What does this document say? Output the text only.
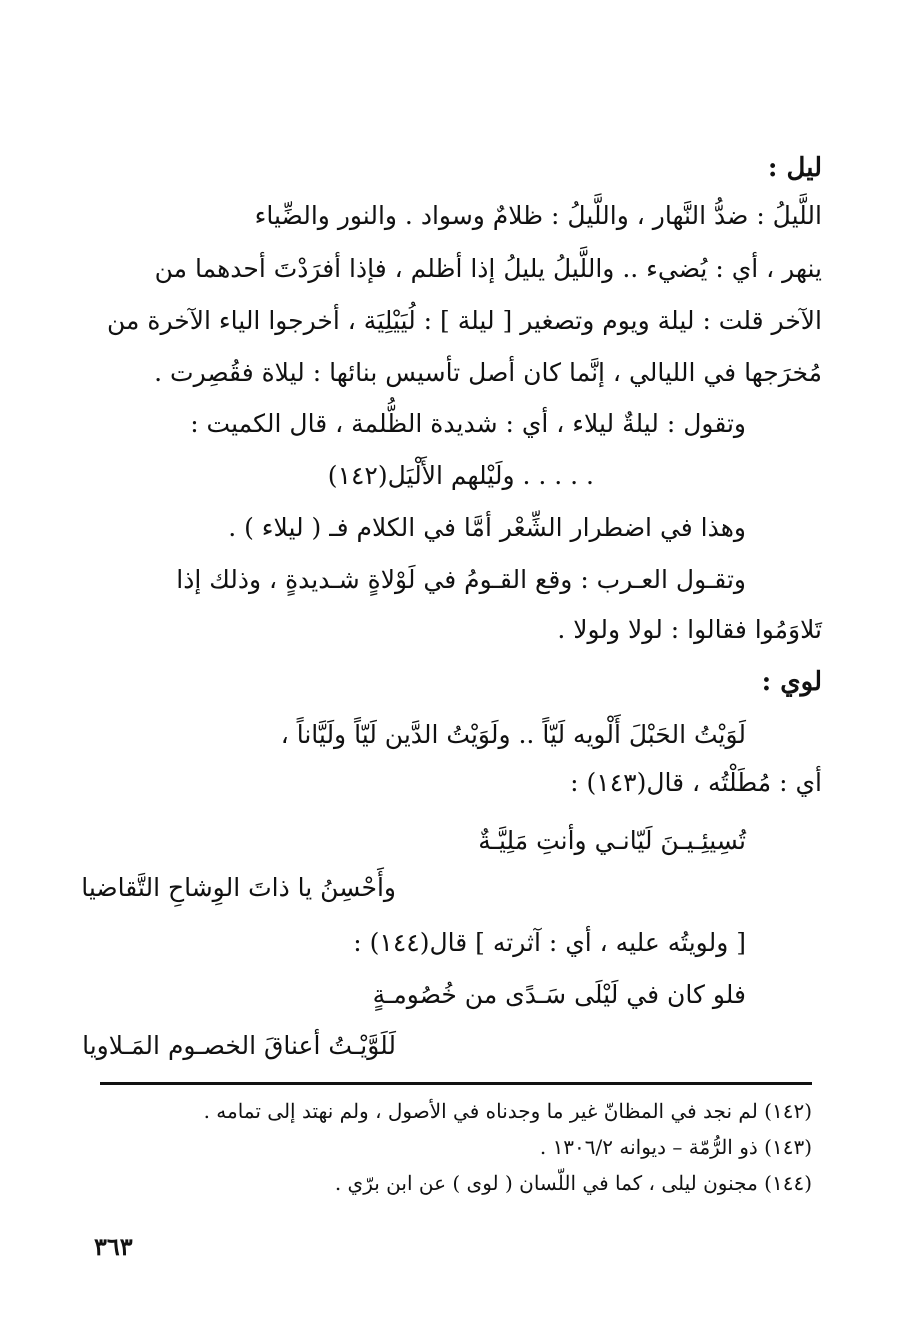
ليل :
اللَّيلُ : ضدُّ النَّهار ، واللَّيلُ : ظلامٌ وسواد . والنور والضِّياء
ينهر ، أي : يُضيء .. واللَّيلُ يليلُ إذا أظلم ، فإذا أفرَدْتَ أحدهما من
الآخر قلت : ليلة ويوم وتصغير [ ليلة ] : لُيَيْلِيَة ، أخرجوا الياء الآخرة من
مُخرَجها في الليالي ، إنَّما كان أصل تأسيس بنائها : ليلاة فقُصِرت .
وتقول : ليلةٌ ليلاء ، أي : شديدة الظُّلمة ، قال الكميت :
. . . . . ولَيْلهم الأَلْيَل(١٤٢)
وهذا في اضطرار الشِّعْر أمَّا في الكلام فـ ( ليلاء ) .
وتقـول العـرب : وقع القـومُ في لَوْلاةٍ شـديدةٍ ، وذلك إذا
تَلاوَمُوا فقالوا : لولا ولولا .
لوي :
لَوَيْتُ الحَبْلَ أَلْويه لَيّاً .. ولَوَيْتُ الدَّين لَيّاً ولَيَّاناً ،
أي : مُطَلْتُه ، قال(١٤٣) :
تُسِيئِـيـنَ لَيّانـي وأنتِ مَلِيَّـةٌ
وأَحْسِنُ يا ذاتَ الوِشاحِ التَّقاضيا
[ ولويتُه عليه ، أي : آثرته ] قال(١٤٤) :
فلو كان في لَيْلَى سَـدًى من خُصُومـةٍ
لَلَوَّيْـتُ أعناقَ الخصـوم المَـلاويا
(١٤٢) لم نجد في المظانّ غير ما وجدناه في الأصول ، ولم نهتد إلى تمامه .
(١٤٣) ذو الرُّمّة – ديوانه ١٣٠٦/٢ .
(١٤٤) مجنون ليلى ، كما في اللّسان ( لوى ) عن ابن برّي .
٣٦٣
